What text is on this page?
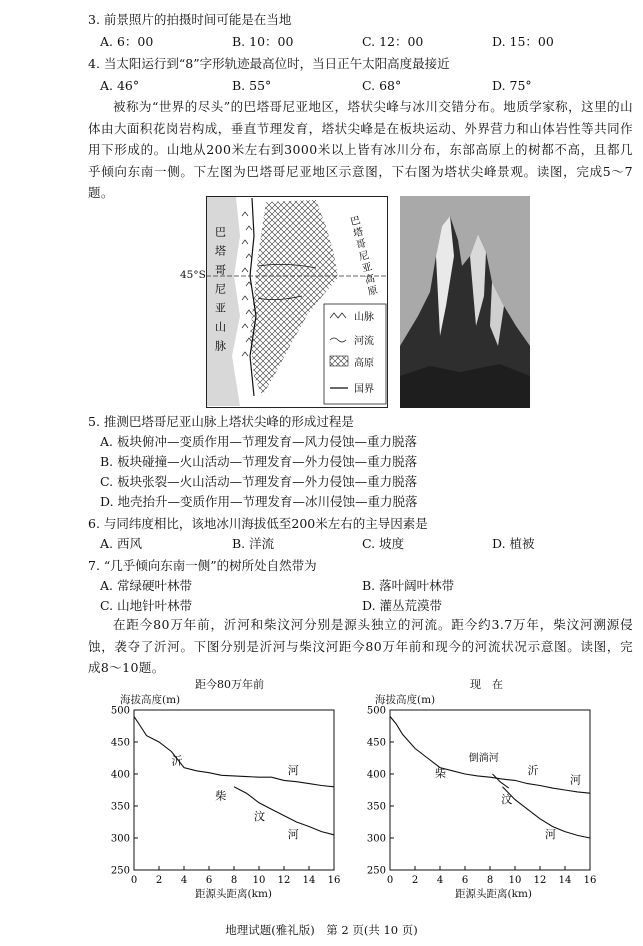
3. 前景照片的拍摄时间可能是在当地
A. 6：00	B. 10：00	C. 12：00	D. 15：00
4. 当太阳运行到“8”字形轨迹最高位时，当日正午太阳高度最接近
A. 46°	B. 55°	C. 68°	D. 75°
被称为“世界的尽头”的巴塔哥尼亚地区，塔状尖峰与冰川交错分布。地质学家称，这里的山体由大面积花岗岩构成，垂直节理发育，塔状尖峰是在板块运动、外界营力和山体岩性等共同作用下形成的。山地从200米左右到3000米以上皆有冰川分布，东部高原上的树都不高，且都几乎倾向东南一侧。下左图为巴塔哥尼亚地区示意图，下右图为塔状尖峰景观。读图，完成5～7题。
巴塔哥尼亚山脉	巴塔哥尼亚高原
山脉
河流
高原
国界
45°S
5. 推测巴塔哥尼亚山脉上塔状尖峰的形成过程是
A. 板块俯冲—变质作用—节理发育—风力侵蚀—重力脱落
B. 板块碰撞—火山活动—节理发育—外力侵蚀—重力脱落
C. 板块张裂—火山活动—节理发育—外力侵蚀—重力脱落
D. 地壳抬升—变质作用—节理发育—冰川侵蚀—重力脱落
6. 与同纬度相比，该地冰川海拔低至200米左右的主导因素是
A. 西风	B. 洋流	C. 坡度	D. 植被
7. “几乎倾向东南一侧”的树所处自然带为
A. 常绿硬叶林带	B. 落叶阔叶林带
C. 山地针叶林带	D. 灌丛荒漠带
在距今80万年前，沂河和柴汶河分别是源头独立的河流。距今约3.7万年，柴汶河溯源侵蚀，袭夺了沂河。下图分别是沂河与柴汶河距今80万年前和现今的河流状况示意图。读图，完成8～10题。
距今80万年前
海拔高度(m)
距源头距离(km)
500
450
400
350
300
250
0 2 4 6 8 10 12 14 16
沂
河
柴
汶
河
现　在
海拔高度(m)
距源头距离(km)
500
450
400
350
300
250
0 2 4 6 8 10 12 14 16
沂
河
柴
汶
河
倒淌河
地理试题(雅礼版)　第 2 页(共 10 页)
